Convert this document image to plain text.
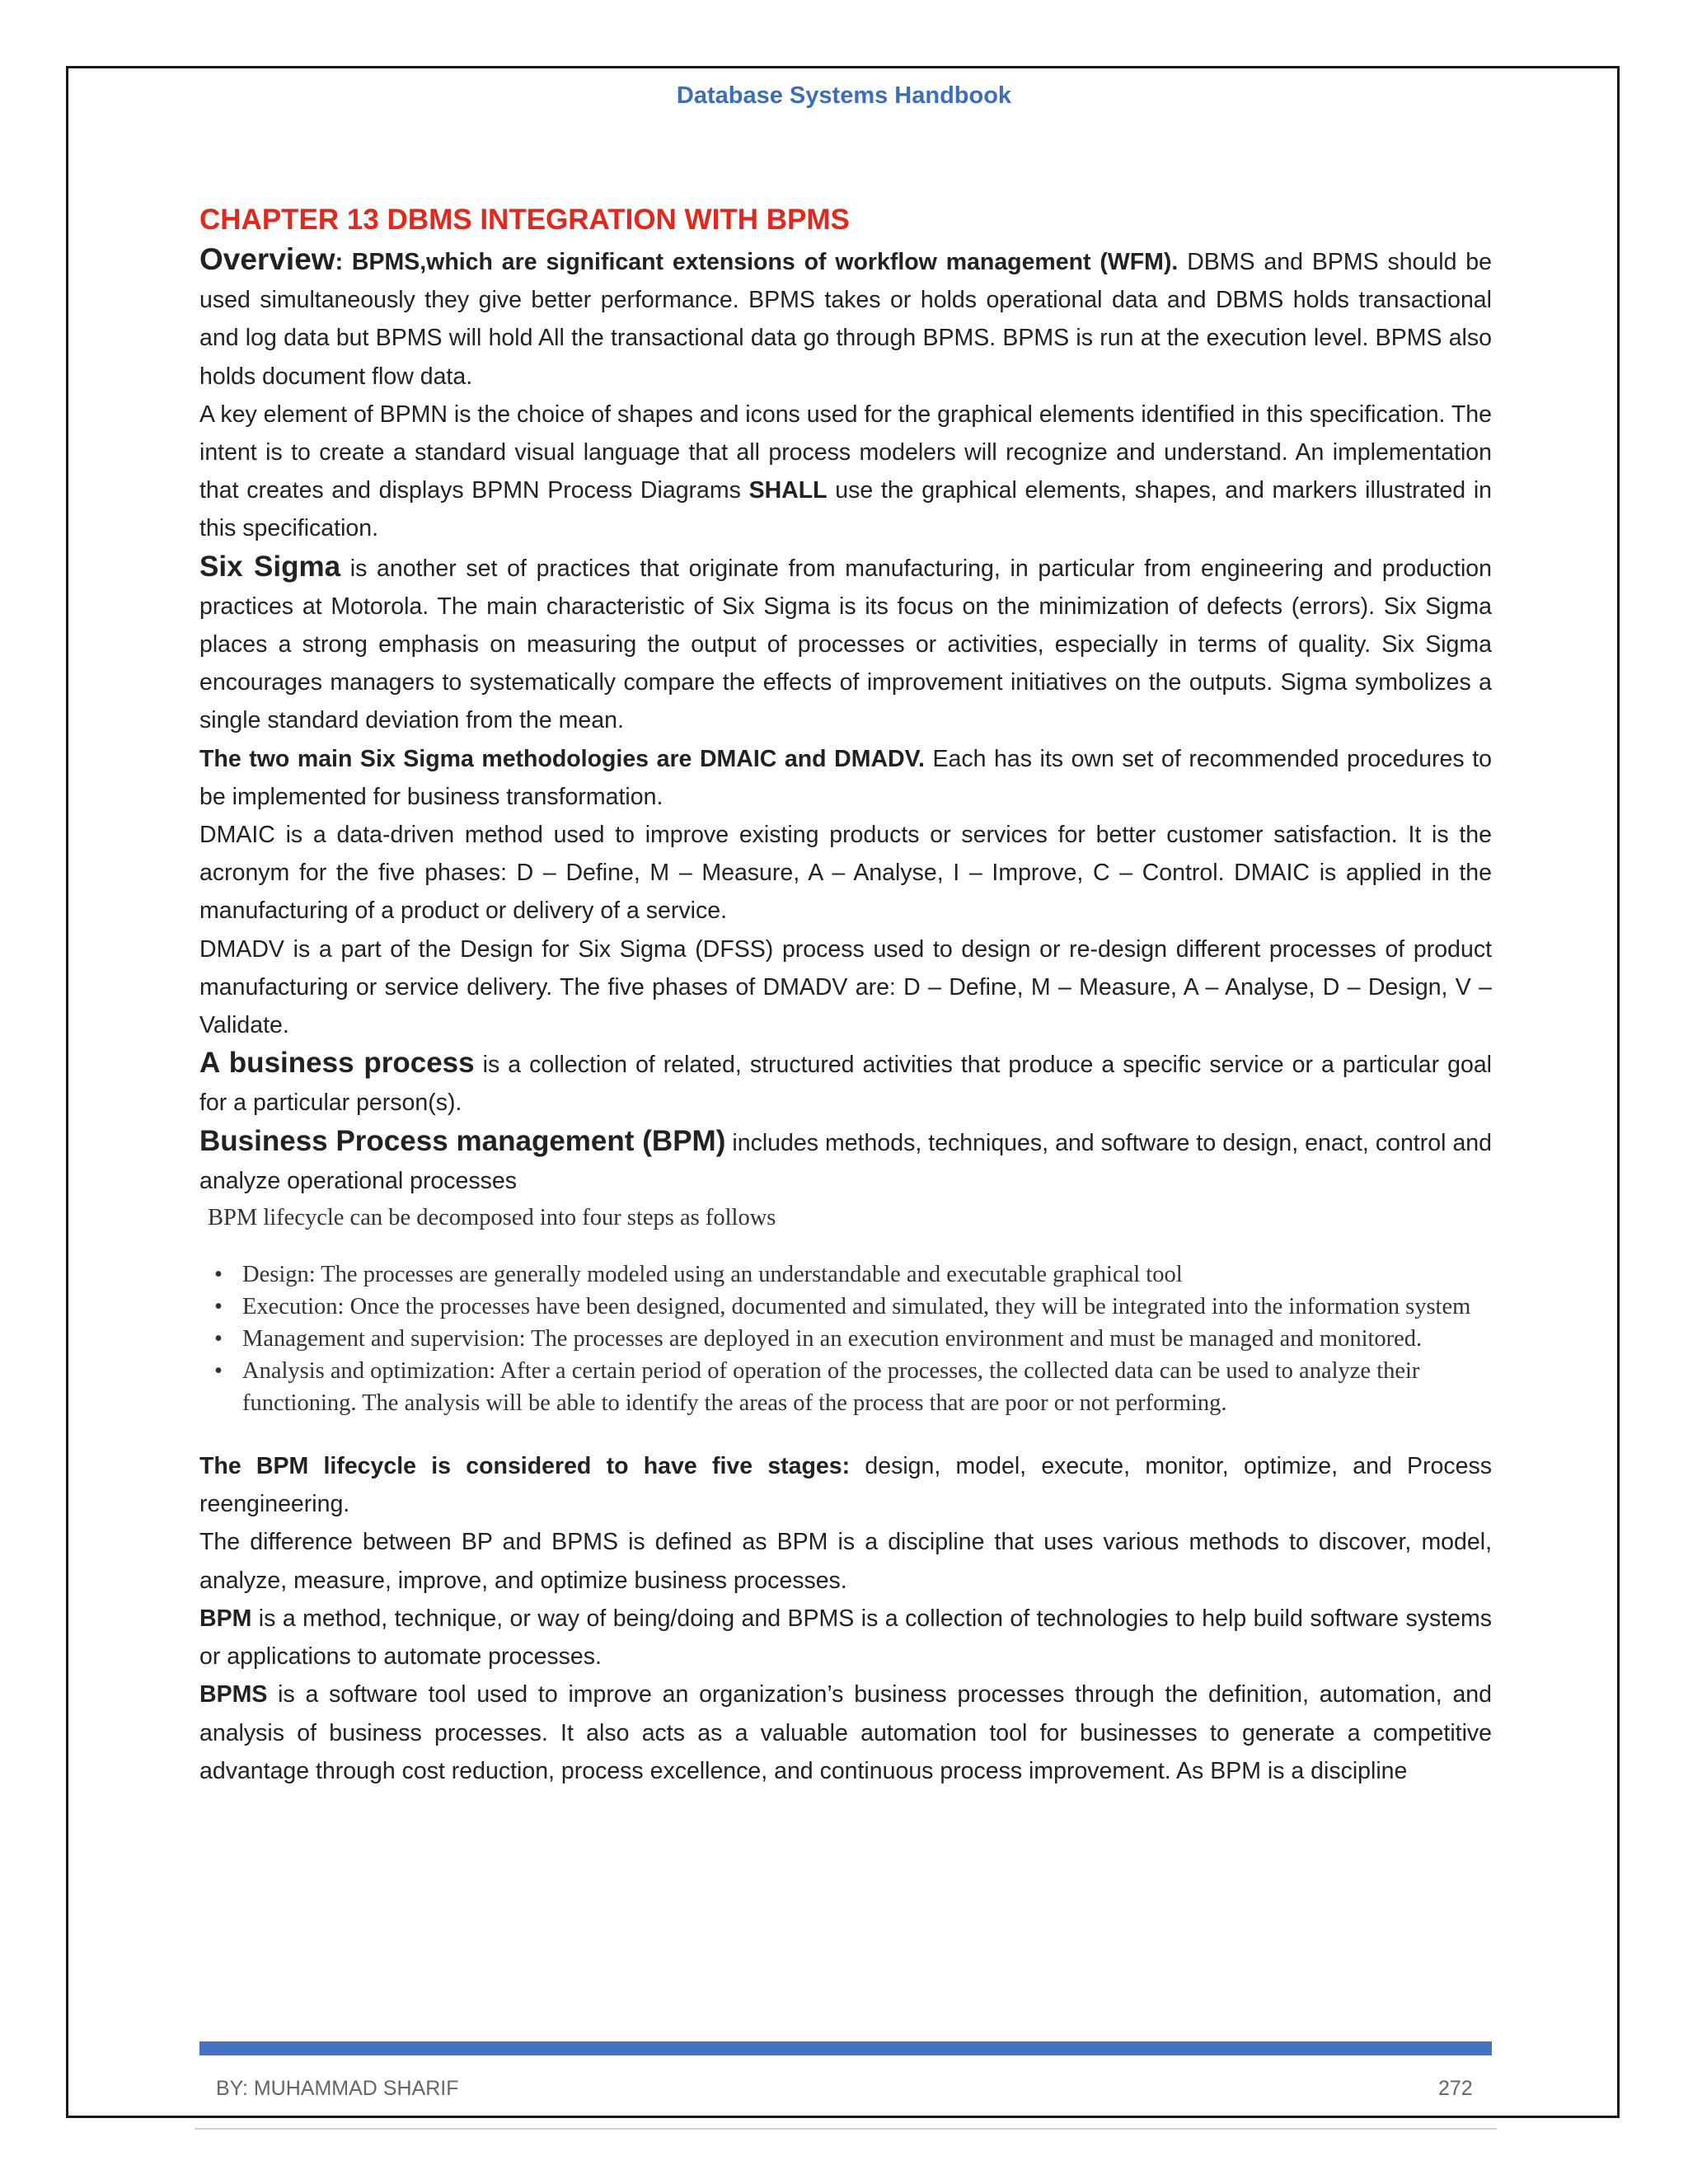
Database Systems Handbook

CHAPTER 13 DBMS INTEGRATION WITH BPMS

Overview: BPMS,which are significant extensions of workflow management (WFM). DBMS and BPMS should be used simultaneously they give better performance. BPMS takes or holds operational data and DBMS holds transactional and log data but BPMS will hold All the transactional data go through BPMS. BPMS is run at the execution level. BPMS also holds document flow data.

A key element of BPMN is the choice of shapes and icons used for the graphical elements identified in this specification. The intent is to create a standard visual language that all process modelers will recognize and understand. An implementation that creates and displays BPMN Process Diagrams SHALL use the graphical elements, shapes, and markers illustrated in this specification.

Six Sigma is another set of practices that originate from manufacturing, in particular from engineering and production practices at Motorola. The main characteristic of Six Sigma is its focus on the minimization of defects (errors). Six Sigma places a strong emphasis on measuring the output of processes or activities, especially in terms of quality. Six Sigma encourages managers to systematically compare the effects of improvement initiatives on the outputs. Sigma symbolizes a single standard deviation from the mean.

The two main Six Sigma methodologies are DMAIC and DMADV. Each has its own set of recommended procedures to be implemented for business transformation.

DMAIC is a data-driven method used to improve existing products or services for better customer satisfaction. It is the acronym for the five phases: D – Define, M – Measure, A – Analyse, I – Improve, C – Control. DMAIC is applied in the manufacturing of a product or delivery of a service.

DMADV is a part of the Design for Six Sigma (DFSS) process used to design or re-design different processes of product manufacturing or service delivery. The five phases of DMADV are: D – Define, M – Measure, A – Analyse, D – Design, V – Validate.

A business process is a collection of related, structured activities that produce a specific service or a particular goal for a particular person(s).

Business Process management (BPM) includes methods, techniques, and software to design, enact, control and analyze operational processes

BPM lifecycle can be decomposed into four steps as follows

• Design: The processes are generally modeled using an understandable and executable graphical tool
• Execution: Once the processes have been designed, documented and simulated, they will be integrated into the information system
• Management and supervision: The processes are deployed in an execution environment and must be managed and monitored.
• Analysis and optimization: After a certain period of operation of the processes, the collected data can be used to analyze their functioning. The analysis will be able to identify the areas of the process that are poor or not performing.

The BPM lifecycle is considered to have five stages: design, model, execute, monitor, optimize, and Process reengineering.

The difference between BP and BPMS is defined as BPM is a discipline that uses various methods to discover, model, analyze, measure, improve, and optimize business processes.

BPM is a method, technique, or way of being/doing and BPMS is a collection of technologies to help build software systems or applications to automate processes.

BPMS is a software tool used to improve an organization’s business processes through the definition, automation, and analysis of business processes. It also acts as a valuable automation tool for businesses to generate a competitive advantage through cost reduction, process excellence, and continuous process improvement. As BPM is a discipline

BY: MUHAMMAD SHARIF	272
